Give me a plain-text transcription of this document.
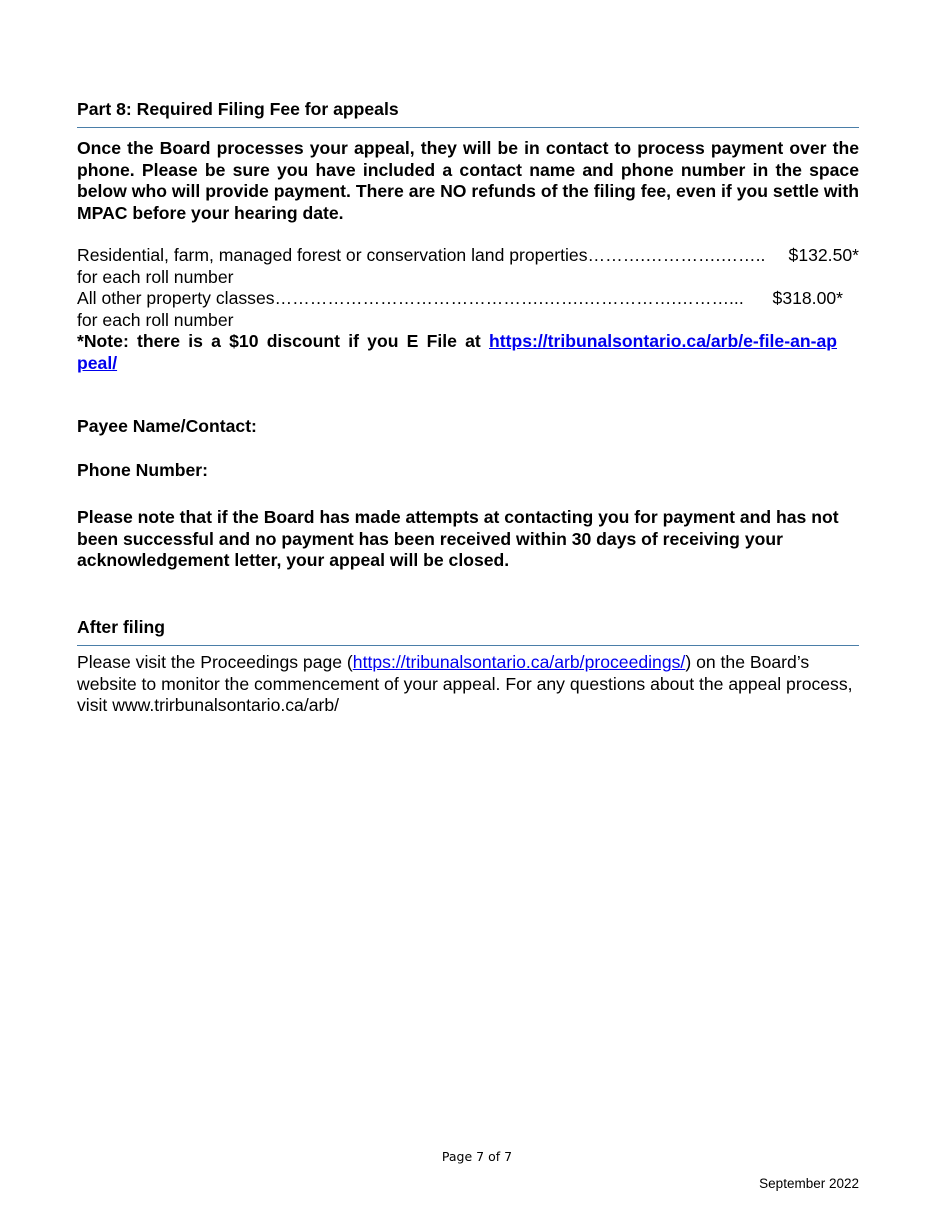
Part 8: Required Filing Fee for appeals
Once the Board processes your appeal, they will be in contact to process payment over the phone. Please be sure you have included a contact name and phone number in the space below who will provide payment. There are NO refunds of the filing fee, even if you settle with MPAC before your hearing date.
Residential, farm, managed forest or conservation land properties ……….………….……..	$132.50*
for each roll number
All other property classes ……………………………………….…….…………….………...	$318.00*
for each roll number
*Note: there is a $10 discount if you E File at https://tribunalsontario.ca/arb/e-file-an-appeal/
Payee Name/Contact:
Phone Number:
Please note that if the Board has made attempts at contacting you for payment and has not been successful and no payment has been received within 30 days of receiving your acknowledgement letter, your appeal will be closed.
After filing
Please visit the Proceedings page (https://tribunalsontario.ca/arb/proceedings/) on the Board’s website to monitor the commencement of your appeal. For any questions about the appeal process, visit www.trirbunalsontario.ca/arb/
Page 7 of 7
September 2022
